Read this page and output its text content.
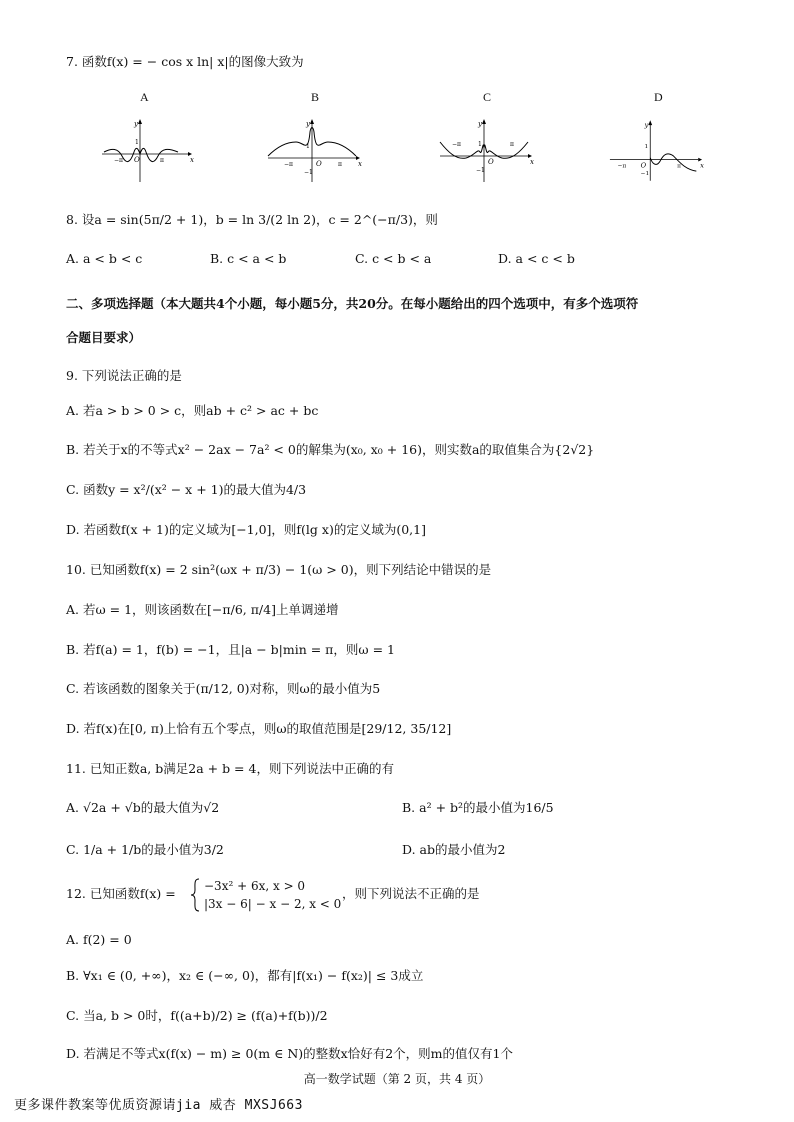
7. 函数f(x) = − cos x ln| x|的图像大致为
A	B	C	D
y
x
−π	π
O
1
y
x
−π	π
O
1
−1
y
x
−π	π
O
1
−1
y
x
−π	π
O
1
−1
8. 设a = sin(5π/2 + 1)，b = ln 3/(2 ln 2)，c = 2^(−π/3)，则
A. a < b < c	B. c < a < b	C. c < b < a	D. a < c < b
二、多项选择题（本大题共4个小题，每小题5分，共20分。在每小题给出的四个选项中，有多个选项符
合题目要求）
9. 下列说法正确的是
A. 若a > b > 0 > c，则ab + c² > ac + bc
B. 若关于x的不等式x² − 2ax − 7a² < 0的解集为(x₀, x₀ + 16)，则实数a的取值集合为{2√2}
C. 函数y = x²/(x² − x + 1)的最大值为4/3
D. 若函数f(x + 1)的定义域为[−1,0]，则f(lg x)的定义域为(0,1]
10. 已知函数f(x) = 2 sin²(ωx + π/3) − 1(ω > 0)，则下列结论中错误的是
A. 若ω = 1，则该函数在[−π/6, π/4]上单调递增
B. 若f(a) = 1，f(b) = −1，且|a − b|min = π，则ω = 1
C. 若该函数的图象关于(π/12, 0)对称，则ω的最小值为5
D. 若f(x)在[0, π)上恰有五个零点，则ω的取值范围是[29/12, 35/12]
11. 已知正数a, b满足2a + b = 4，则下列说法中正确的有
A. √2a + √b的最大值为√2	B. a² + b²的最小值为16/5
C. 1/a + 1/b的最小值为3/2	D. ab的最小值为2
12. 已知函数f(x) = −3x² + 6x, x > 0
|3x − 6| − x − 2, x < 0
，则下列说法不正确的是
A. f(2) = 0
B. ∀x₁ ∈ (0, +∞)，x₂ ∈ (−∞, 0)，都有|f(x₁) − f(x₂)| ≤ 3成立
C. 当a, b > 0时，f((a+b)/2) ≥ (f(a)+f(b))/2
D. 若满足不等式x(f(x) − m) ≥ 0(m ∈ N)的整数x恰好有2个，则m的值仅有1个
高一数学试题（第 2 页，共 4 页）
更多课件教案等优质资源请jia 威杏 MXSJ663
